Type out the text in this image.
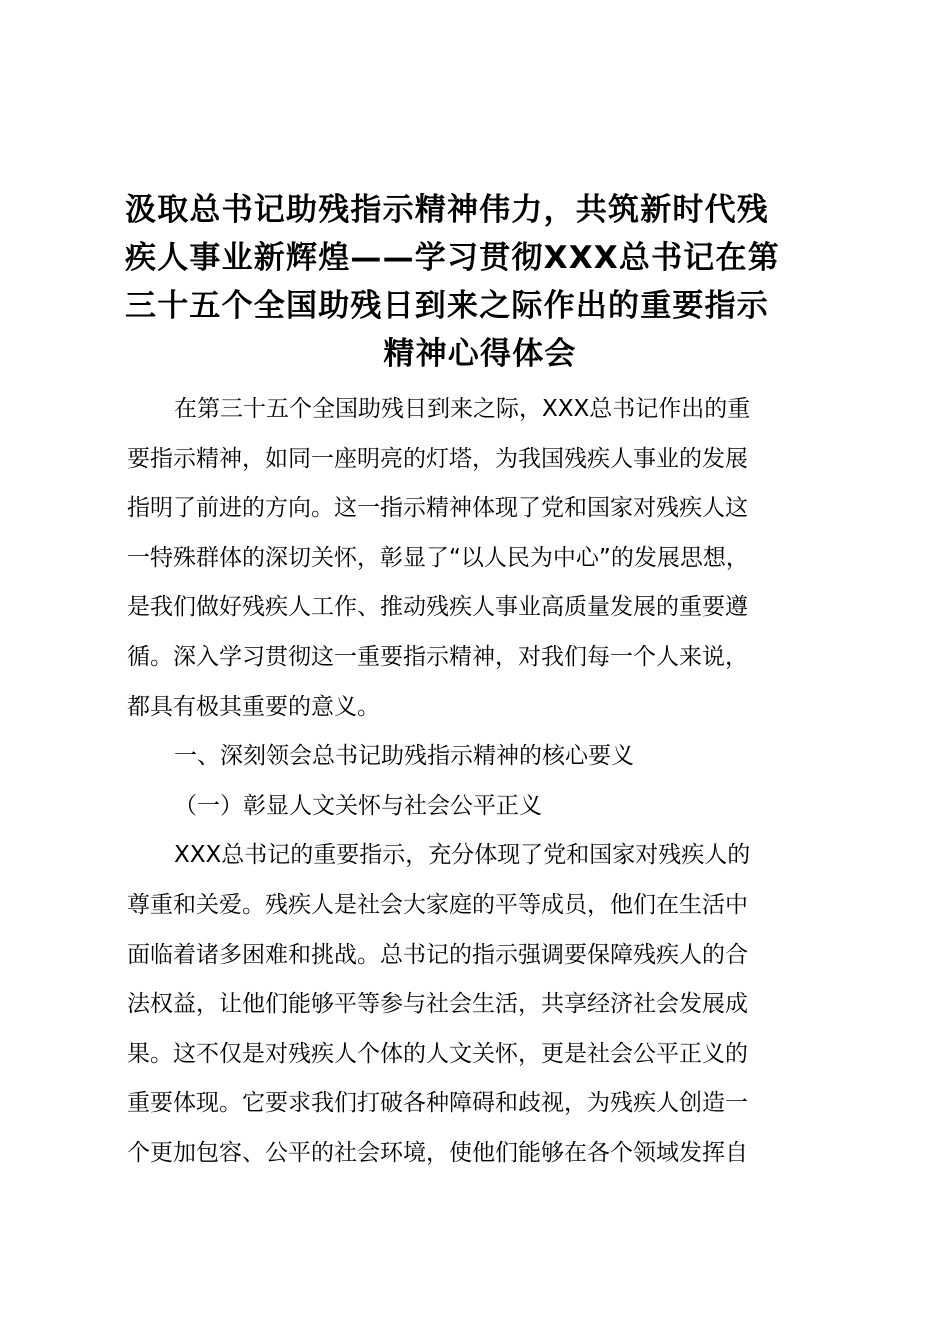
汲取总书记助残指示精神伟力，共筑新时代残
疾人事业新辉煌——学习贯彻XXX总书记在第
三十五个全国助残日到来之际作出的重要指示
精神心得体会
在第三十五个全国助残日到来之际，XXX总书记作出的重
要指示精神，如同一座明亮的灯塔，为我国残疾人事业的发展
指明了前进的方向。这一指示精神体现了党和国家对残疾人这
一特殊群体的深切关怀，彰显了“以人民为中心”的发展思想，
是我们做好残疾人工作、推动残疾人事业高质量发展的重要遵
循。深入学习贯彻这一重要指示精神，对我们每一个人来说，
都具有极其重要的意义。
一、深刻领会总书记助残指示精神的核心要义
（一）彰显人文关怀与社会公平正义
XXX总书记的重要指示，充分体现了党和国家对残疾人的
尊重和关爱。残疾人是社会大家庭的平等成员，他们在生活中
面临着诸多困难和挑战。总书记的指示强调要保障残疾人的合
法权益，让他们能够平等参与社会生活，共享经济社会发展成
果。这不仅是对残疾人个体的人文关怀，更是社会公平正义的
重要体现。它要求我们打破各种障碍和歧视，为残疾人创造一
个更加包容、公平的社会环境，使他们能够在各个领域发挥自
